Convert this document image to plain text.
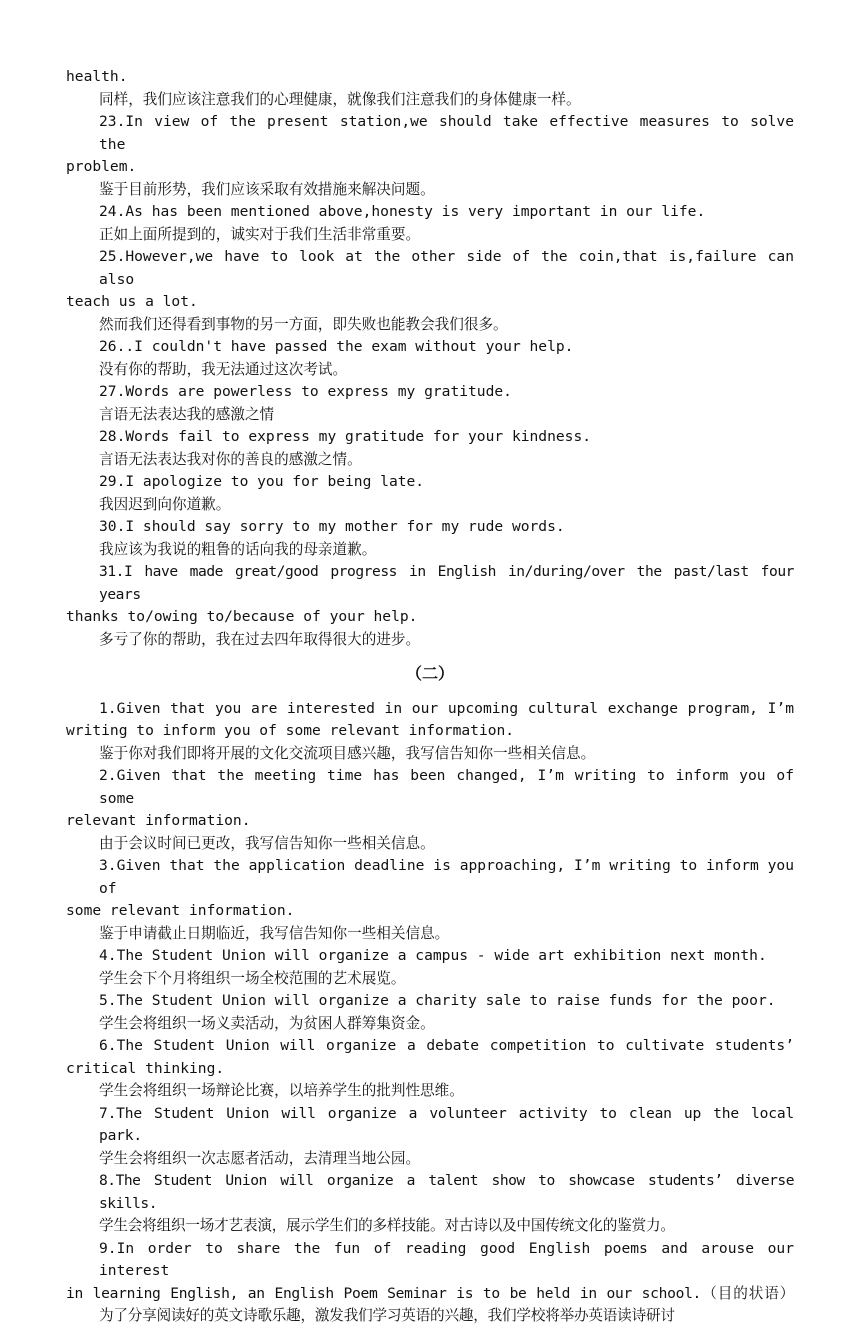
health.
同样，我们应该注意我们的心理健康，就像我们注意我们的身体健康一样。
23.In view of the present station,we should take effective measures to solve the
problem.
鉴于目前形势，我们应该采取有效措施来解决问题。
24.As has been mentioned above,honesty is very important in our life.
正如上面所提到的，诚实对于我们生活非常重要。
25.However,we have to look at the other side of the coin,that is,failure can also
teach us a lot.
然而我们还得看到事物的另一方面，即失败也能教会我们很多。
26..I couldn't have passed the exam without your help.
没有你的帮助，我无法通过这次考试。
27.Words are powerless to express my gratitude.
言语无法表达我的感激之情
28.Words fail to express my gratitude for your kindness.
言语无法表达我对你的善良的感激之情。
29.I apologize to you for being late.
我因迟到向你道歉。
30.I should say sorry to my mother for my rude words.
我应该为我说的粗鲁的话向我的母亲道歉。
31.I have made great/good progress in English in/during/over the past/last four years
thanks to/owing to/because of your help.
多亏了你的帮助，我在过去四年取得很大的进步。
（二）
1.Given that you are interested in our upcoming cultural exchange program, I’m
writing to inform you of some relevant information.
鉴于你对我们即将开展的文化交流项目感兴趣，我写信告知你一些相关信息。
2.Given that the meeting time has been changed, I’m writing to inform you of some
relevant information.
由于会议时间已更改，我写信告知你一些相关信息。
3.Given that the application deadline is approaching, I’m writing to inform you of
some relevant information.
鉴于申请截止日期临近，我写信告知你一些相关信息。
4.The Student Union will organize a campus - wide art exhibition next month.
学生会下个月将组织一场全校范围的艺术展览。
5.The Student Union will organize a charity sale to raise funds for the poor.
学生会将组织一场义卖活动，为贫困人群筹集资金。
6.The Student Union will organize a debate competition to cultivate students’
critical thinking.
学生会将组织一场辩论比赛，以培养学生的批判性思维。
7.The Student Union will organize a volunteer activity to clean up the local park.
学生会将组织一次志愿者活动，去清理当地公园。
8.The Student Union will organize a talent show to showcase students’ diverse skills.
学生会将组织一场才艺表演，展示学生们的多样技能。对古诗以及中国传统文化的鉴赏力。
9.In order to share the fun of reading good English poems and arouse our interest
in learning English, an English Poem Seminar is to be held in our school.（目的状语）
为了分享阅读好的英文诗歌乐趣，激发我们学习英语的兴趣，我们学校将举办英语读诗研讨
